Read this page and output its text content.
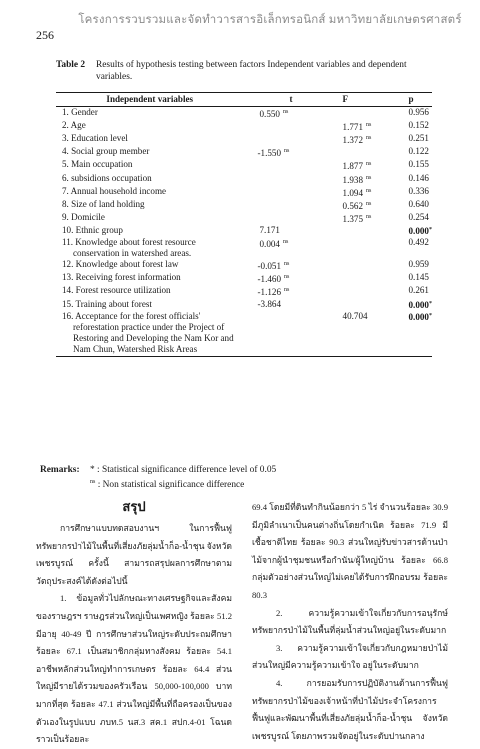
โครงการรวบรวมและจัดทำวารสารอิเล็กทรอนิกส์ มหาวิทยาลัยเกษตรศาสตร์
256
Table 2	Results of hypothesis testing between factors Independent variables and dependent variables.
Independent variables	t	F	p

1. Gender	0.550 $^{ns}$		0.956

2. Age		1.771 $^{ns}$	0.152

3. Education level		1.372 $^{ns}$	0.251

4. Social group member	-1.550 $^{ns}$		0.122

5. Main occupation		1.877 $^{ns}$	0.155

6. subsidions occupation		1.938 $^{ns}$	0.146

7. Annual household income		1.094 $^{ns}$	0.336

8. Size of land holding		0.562 $^{ns}$	0.640

9. Domicile		1.375 $^{ns}$	0.254

10. Ethnic group	7.171		0.000*

11. Knowledge about forest resource conservation in watershed areas.	0.004 $^{ns}$		0.492

12. Knowledge about forest law	-0.051 $^{ns}$		0.959

13. Receiving forest information	-1.460 $^{ns}$		0.145

14. Forest resource utilization	-1.126 $^{ns}$		0.261

15. Training about forest	-3.864		0.000*

16. Acceptance for the forest officials' reforestation practice under the Project of Restoring and Developing the Nam Kor and Nam Chun, Watershed Risk Areas		40.704	0.000*
Remarks: * : Statistical significance difference level of 0.05
$^{ns}$ : Non statistical significance difference
สรุป

การศึกษาแบบทดสอบงานฯ ในการฟื้นฟูทรัพยากรป่าไม้ในพื้นที่เสี่ยงภัยลุ่มน้ำก็อ-น้ำชุน จังหวัดเพชรบูรณ์ ครั้งนี้ สามารถสรุปผลการศึกษาตามวัตถุประสงค์ได้ดังต่อไปนี้

1. ข้อมูลทั่วไปลักษณะทางเศรษฐกิจและสังคมของราษฎรฯ ราษฎรส่วนใหญ่เป็นเพศหญิง ร้อยละ 51.2 มีอายุ 40-49 ปี การศึกษาส่วนใหญ่ระดับประถมศึกษา ร้อยละ 67.1 เป็นสมาชิกกลุ่มทางสังคม ร้อยละ 54.1 อาชีพหลักส่วนใหญ่ทำการเกษตร ร้อยละ 64.4 ส่วนใหญ่มีรายได้รวมของครัวเรือน 50,000-100,000 บาท มากที่สุด ร้อยละ 47.1 ส่วนใหญ่มีพื้นที่ถือครองเป็นของตัวเองในรูปแบบ ภบท.5 นส.3 สค.1 สปก.4-01 โฉนดราวเป็นร้อยละ

69.4 โดยมีที่ดินทำกินน้อยกว่า 5 ไร่ จำนวนร้อยละ 30.9 มีภูมิลำเนาเป็นคนต่างถิ่นโดยกำเนิด ร้อยละ 71.9 มีเชื้อชาติไทย ร้อยละ 90.3 ส่วนใหญ่รับข่าวสารด้านป่าไม้จากผู้นำชุมชนหรือกำนัน/ผู้ใหญ่บ้าน ร้อยละ 66.8 กลุ่มตัวอย่างส่วนใหญ่ไม่เคยได้รับการฝึกอบรม ร้อยละ 80.3

2. ความรู้ความเข้าใจเกี่ยวกับการอนุรักษ์ทรัพยากรป่าไม้ในพื้นที่ลุ่มน้ำส่วนใหญ่อยู่ในระดับมาก

3. ความรู้ความเข้าใจเกี่ยวกับกฎหมายป่าไม้ส่วนใหญ่มีความรู้ความเข้าใจ อยู่ในระดับมาก

4. การยอมรับการปฏิบัติงานด้านการฟื้นฟูทรัพยากรป่าไม้ของเจ้าหน้าที่ป่าไม้ประจำโครงการฟื้นฟูและพัฒนาพื้นที่เสี่ยงภัยลุ่มน้ำก็อ-น้ำชุน จังหวัดเพชรบูรณ์ โดยภาพรวมจัดอยู่ในระดับปานกลาง
